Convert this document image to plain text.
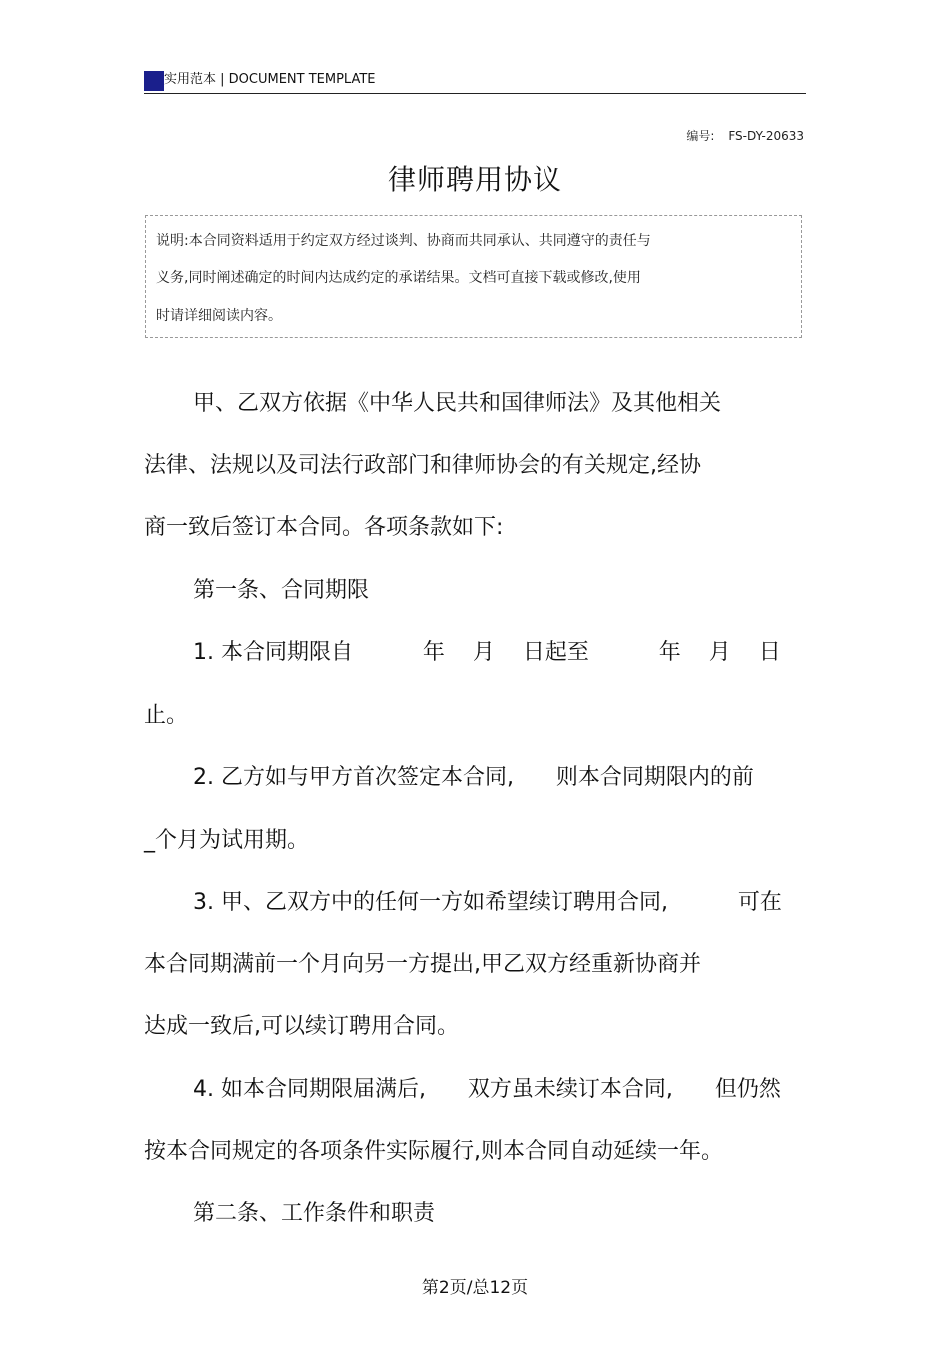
实用范本 | DOCUMENT TEMPLATE
编号: FS-DY-20633
律师聘用协议
说明:本合同资料适用于约定双方经过谈判、协商而共同承认、共同遵守的责任与
义务,同时阐述确定的时间内达成约定的承诺结果。文档可直接下载或修改,使用
时请详细阅读内容。
甲、乙双方依据《中华人民共和国律师法》及其他相关
法律、法规以及司法行政部门和律师协会的有关规定,经协
商一致后签订本合同。各项条款如下:
第一条、合同期限
1. 本合同期限自          年    月    日起至          年    月    日
止。
2. 乙方如与甲方首次签定本合同,      则本合同期限内的前
_个月为试用期。
3. 甲、乙双方中的任何一方如希望续订聘用合同,          可在
本合同期满前一个月向另一方提出,甲乙双方经重新协商并
达成一致后,可以续订聘用合同。
4. 如本合同期限届满后,      双方虽未续订本合同,      但仍然
按本合同规定的各项条件实际履行,则本合同自动延续一年。
第二条、工作条件和职责
第2页/总12页
